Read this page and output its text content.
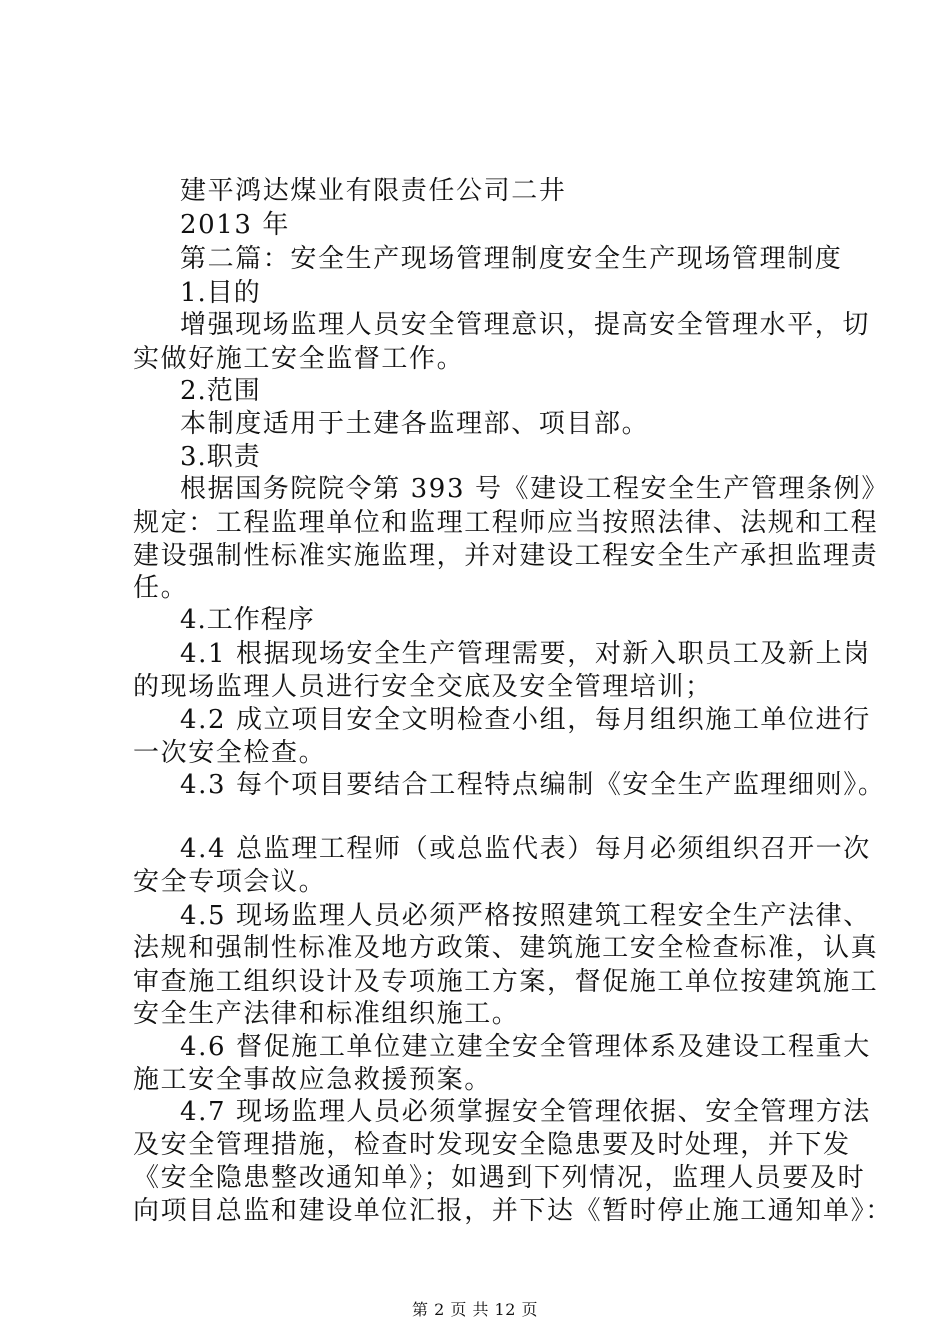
建平鸿达煤业有限责任公司二井

2013 年

第二篇：安全生产现场管理制度安全生产现场管理制度

1.目的

增强现场监理人员安全管理意识，提高安全管理水平，切

实做好施工安全监督工作。

2.范围

本制度适用于土建各监理部、项目部。

3.职责

根据国务院院令第 393 号《建设工程安全生产管理条例》

规定：工程监理单位和监理工程师应当按照法律、法规和工程

建设强制性标准实施监理，并对建设工程安全生产承担监理责

任。

4.工作程序

4.1 根据现场安全生产管理需要，对新入职员工及新上岗

的现场监理人员进行安全交底及安全管理培训；

4.2 成立项目安全文明检查小组，每月组织施工单位进行

一次安全检查。

4.3 每个项目要结合工程特点编制《安全生产监理细则》。

4.4 总监理工程师（或总监代表）每月必须组织召开一次

安全专项会议。

4.5 现场监理人员必须严格按照建筑工程安全生产法律、

法规和强制性标准及地方政策、建筑施工安全检查标准，认真

审查施工组织设计及专项施工方案，督促施工单位按建筑施工

安全生产法律和标准组织施工。

4.6 督促施工单位建立建全安全管理体系及建设工程重大

施工安全事故应急救援预案。

4.7 现场监理人员必须掌握安全管理依据、安全管理方法

及安全管理措施，检查时发现安全隐患要及时处理，并下发

《安全隐患整改通知单》；如遇到下列情况，监理人员要及时

向项目总监和建设单位汇报，并下达《暂时停止施工通知单》：

第 2 页 共 12 页
